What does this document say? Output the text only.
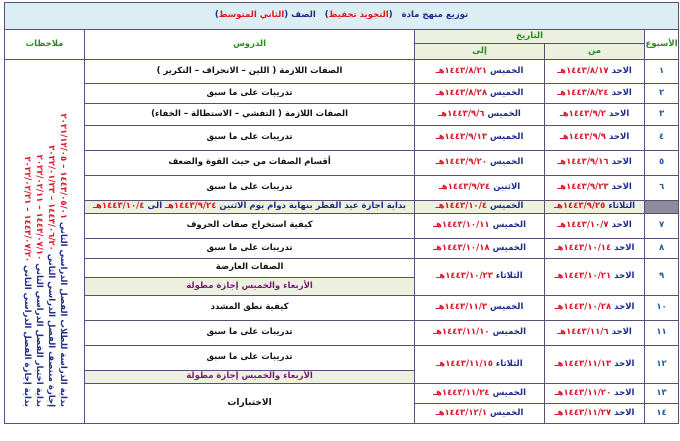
توزيع منهج مادة (التجويد تحفيظ) الصف (الثاني المتوسط)				
الأسبوع	التاريخ		الدروس	ملاحظات
	من	إلى		
١	الاحد ١٤٤٣/٨/١٧هـ	الخميس ١٤٤٣/٨/٢١هـ	الصفات اللازمة ( اللين – الانحراف – التكرير )	بداية الدراسة للطلاب الفصل الدراسي الثاني ١٤٤٣/٠٥/٠١ – ٢٠٢١/١٢/٠٥
إجازة منتصف الفصل الدراسي الثاني ١٤٤٣/٠٦/٢٠ – ٢٠٢٢/٠١/٢٣
بداية اختبار الفصل الدراسي الثاني ١٤٤٣/٠٧/١٠ – ٢٠٢٢/٠٢/١١
بداية إجازة الفصل الدراسي الثاني ١٤٤٣/٠٧/٢٠ – ٢٠٢٢/٠٢/٢١

٢	الاحد ١٤٤٣/٨/٢٤هـ	الخميس ١٤٤٣/٨/٢٨هـ	تدريبات على ما سبق	
٣	الاحد ١٤٤٣/٩/٢هـ	الخميس ١٤٤٣/٩/٦هـ	الصفات اللازمة ( التفشي – الاستطالة – الخفاء)	
٤	الاحد ١٤٤٣/٩/٩هـ	الخميس ١٤٤٣/٩/١٣هـ	تدريبات على ما سبق	
٥	الاحد ١٤٤٣/٩/١٦هـ	الخميس ١٤٤٣/٩/٢٠هـ	أقسام الصفات من حيث القوة والضعف	
٦	الاحد ١٤٤٣/٩/٢٣هـ	الاثنين ١٤٤٣/٩/٢٤هـ	تدريبات على ما سبق	
	الثلاثاء ١٤٤٣/٩/٢٥هـ	الخميس ١٤٤٣/١٠/٤هـ	بداية اجازة عيد الفطر بنهاية دوام يوم الاثنين ١٤٤٣/٩/٢٤هـ الى ١٤٤٣/١٠/٤هـ	
٧	الاحد ١٤٤٣/١٠/٧هـ	الخميس ١٤٤٣/١٠/١١هـ	كيفية استخراج صفات الحروف	
٨	الاحد ١٤٤٣/١٠/١٤هـ	الخميس ١٤٤٣/١٠/١٨هـ	تدريبات على ما سبق	
٩	الاحد ١٤٤٣/١٠/٢١هـ	الثلاثاء ١٤٤٣/١٠/٢٣هـ	الصفات العارضة	
			الأربعاء والخميس إجازة مطولة	
١٠	الاحد ١٤٤٣/١٠/٢٨هـ	الخميس ١٤٤٣/١١/٣هـ	كيفية نطق المشدد	
١١	الاحد ١٤٤٣/١١/٦هـ	الخميس ١٤٤٣/١١/١٠هـ	تدريبات على ما سبق	
١٢	الاحد ١٤٤٣/١١/١٣هـ	الثلاثاء ١٤٤٣/١١/١٥هـ	تدريبات على ما سبق	
			الأربعاء والخميس إجازة مطولة	
١٣	الاحد ١٤٤٣/١١/٢٠هـ	الخميس ١٤٤٣/١١/٢٤هـ	الاختبارات	
١٤	الاحد ١٤٤٣/١١/٢٧هـ	الخميس ١٤٤٣/١٢/١هـ		
